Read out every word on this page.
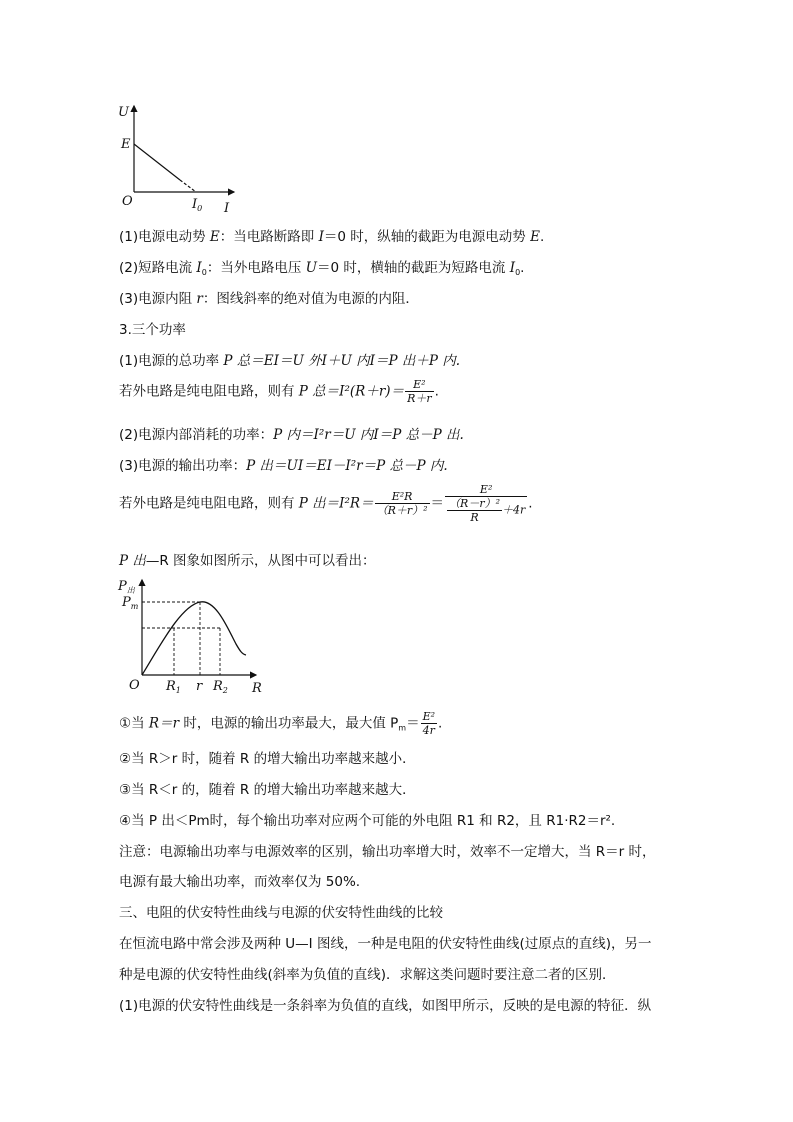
U
E
O	$I_0$ I
(1)电源电动势 E：当电路断路即 I＝0 时，纵轴的截距为电源电动势 E.
(2)短路电流 $I_0$：当外电路电压 U＝0 时，横轴的截距为短路电流 $I_0$.
(3)电源内阻 r：图线斜率的绝对值为电源的内阻．
3.三个功率
(1)电源的总功率 P 总＝EI＝U 外I＋U 内I＝P 出＋P 内.
若外电路是纯电阻电路，则有 P 总$=I^2(R+r)= \frac{\text{E²}}{R+r}$ .
(2)电源内部消耗的功率：P 内＝I²r＝U 内I＝P 总－P 出.
(3)电源的输出功率：P 出＝UI＝EI－I²r＝P 总－P 内.
若外电路是纯电阻电路，则有 P 出$=I^2R= \frac{\text{E²R}}{\text{（R＋r）²}} = \frac{\text{E²}}{\frac{\text{（R－r）²}}{R} +4r}$ .
P 出—R 图象如图所示，从图中可以看出：
$P_出$
$P_m$
O $R_1$ r $R_2$ R
①当 R＝r 时，电源的输出功率最大，最大值 $P_m= \frac{\text{E²}}{4r}$ .
②当 R＞r 时，随着 R 的增大输出功率越来越小．
③当 R＜r 的，随着 R 的增大输出功率越来越大．
④当 P 出＜Pm时，每个输出功率对应两个可能的外电阻 R1 和 R2，且 R1·R2＝r².
注意：电源输出功率与电源效率的区别，输出功率增大时，效率不一定增大，当 R＝r 时，
电源有最大输出功率，而效率仅为 50%.
三、电阻的伏安特性曲线与电源的伏安特性曲线的比较
在恒流电路中常会涉及两种 U—I 图线，一种是电阻的伏安特性曲线(过原点的直线)，另一
种是电源的伏安特性曲线(斜率为负值的直线)．求解这类问题时要注意二者的区别．
(1)电源的伏安特性曲线是一条斜率为负值的直线，如图甲所示，反映的是电源的特征．纵
